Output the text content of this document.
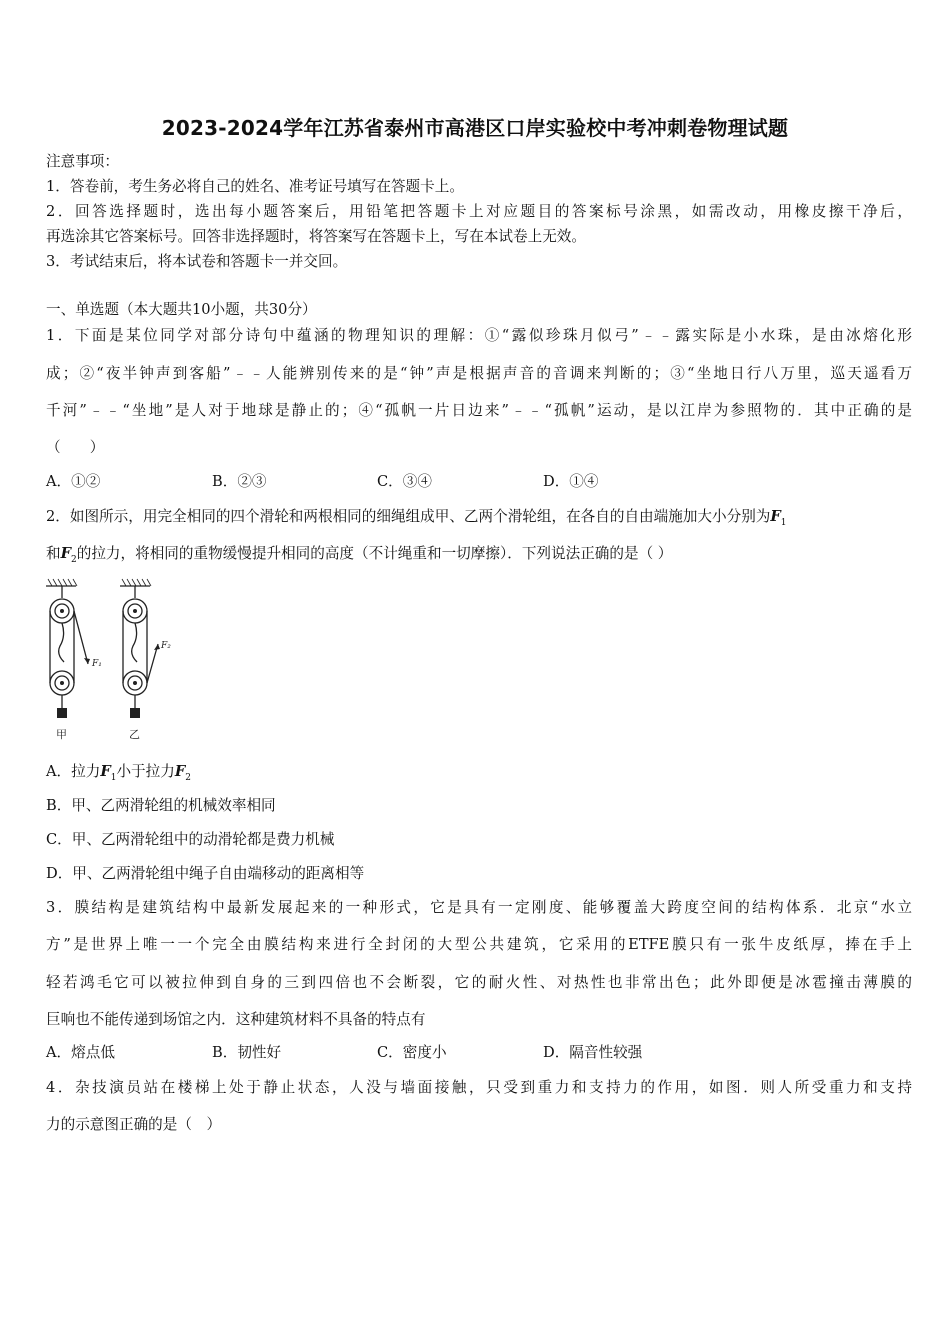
2023-2024学年江苏省泰州市高港区口岸实验校中考冲刺卷物理试题
注意事项：
1．答卷前，考生务必将自己的姓名、准考证号填写在答题卡上。
2．回答选择题时，选出每小题答案后，用铅笔把答题卡上对应题目的答案标号涂黑，如需改动，用橡皮擦干净后，
再选涂其它答案标号。回答非选择题时，将答案写在答题卡上，写在本试卷上无效。
3．考试结束后，将本试卷和答题卡一并交回。
一、单选题（本大题共10小题，共30分）
1．下面是某位同学对部分诗句中蕴涵的物理知识的理解：①“露似珍珠月似弓”﹣﹣露实际是小水珠，是由冰熔化形
成；②“夜半钟声到客船”﹣﹣人能辨别传来的是“钟”声是根据声音的音调来判断的；③“坐地日行八万里，巡天遥看万
千河”﹣﹣“坐地”是人对于地球是静止的；④“孤帆一片日边来”﹣﹣“孤帆”运动，是以江岸为参照物的．其中正确的是
（　　）
A．①②	B．②③	C．③④	D．①④
2．如图所示，用完全相同的四个滑轮和两根相同的细绳组成甲、乙两个滑轮组，在各自的自由端施加大小分别为$F_1$
和$F_2$的拉力，将相同的重物缓慢提升相同的高度（不计绳重和一切摩擦）．下列说法正确的是（ ）
F₁
F₂
甲	乙
A．拉力$F_1$小于拉力$F_2$
B．甲、乙两滑轮组的机械效率相同
C．甲、乙两滑轮组中的动滑轮都是费力机械
D．甲、乙两滑轮组中绳子自由端移动的距离相等
3．膜结构是建筑结构中最新发展起来的一种形式，它是具有一定刚度、能够覆盖大跨度空间的结构体系．北京“水立
方”是世界上唯一一个完全由膜结构来进行全封闭的大型公共建筑，它采用的ETFE膜只有一张牛皮纸厚，捧在手上
轻若鸿毛它可以被拉伸到自身的三到四倍也不会断裂，它的耐火性、对热性也非常出色；此外即便是冰雹撞击薄膜的
巨响也不能传递到场馆之内．这种建筑材料不具备的特点有
A．熔点低	B．韧性好	C．密度小	D．隔音性较强
4．杂技演员站在楼梯上处于静止状态，人没与墙面接触，只受到重力和支持力的作用，如图．则人所受重力和支持
力的示意图正确的是（　）
